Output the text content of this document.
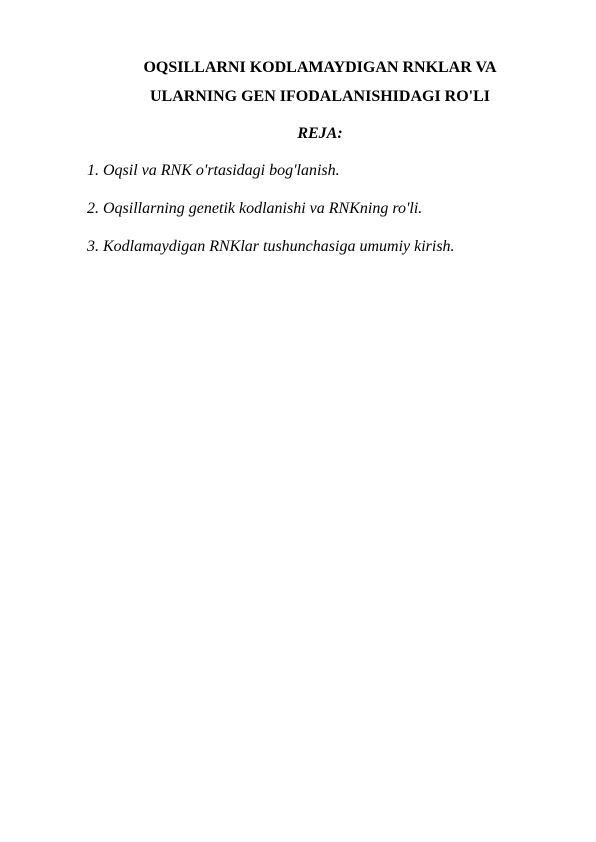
OQSILLARNI KODLAMAYDIGAN RNKLAR VA
ULARNING GEN IFODALANISHIDAGI RO'LI
REJA:
1. Oqsil va RNK o'rtasidagi bog'lanish.
2. Oqsillarning genetik kodlanishi va RNKning ro'li.
3. Kodlamaydigan RNKlar tushunchasiga umumiy kirish.
